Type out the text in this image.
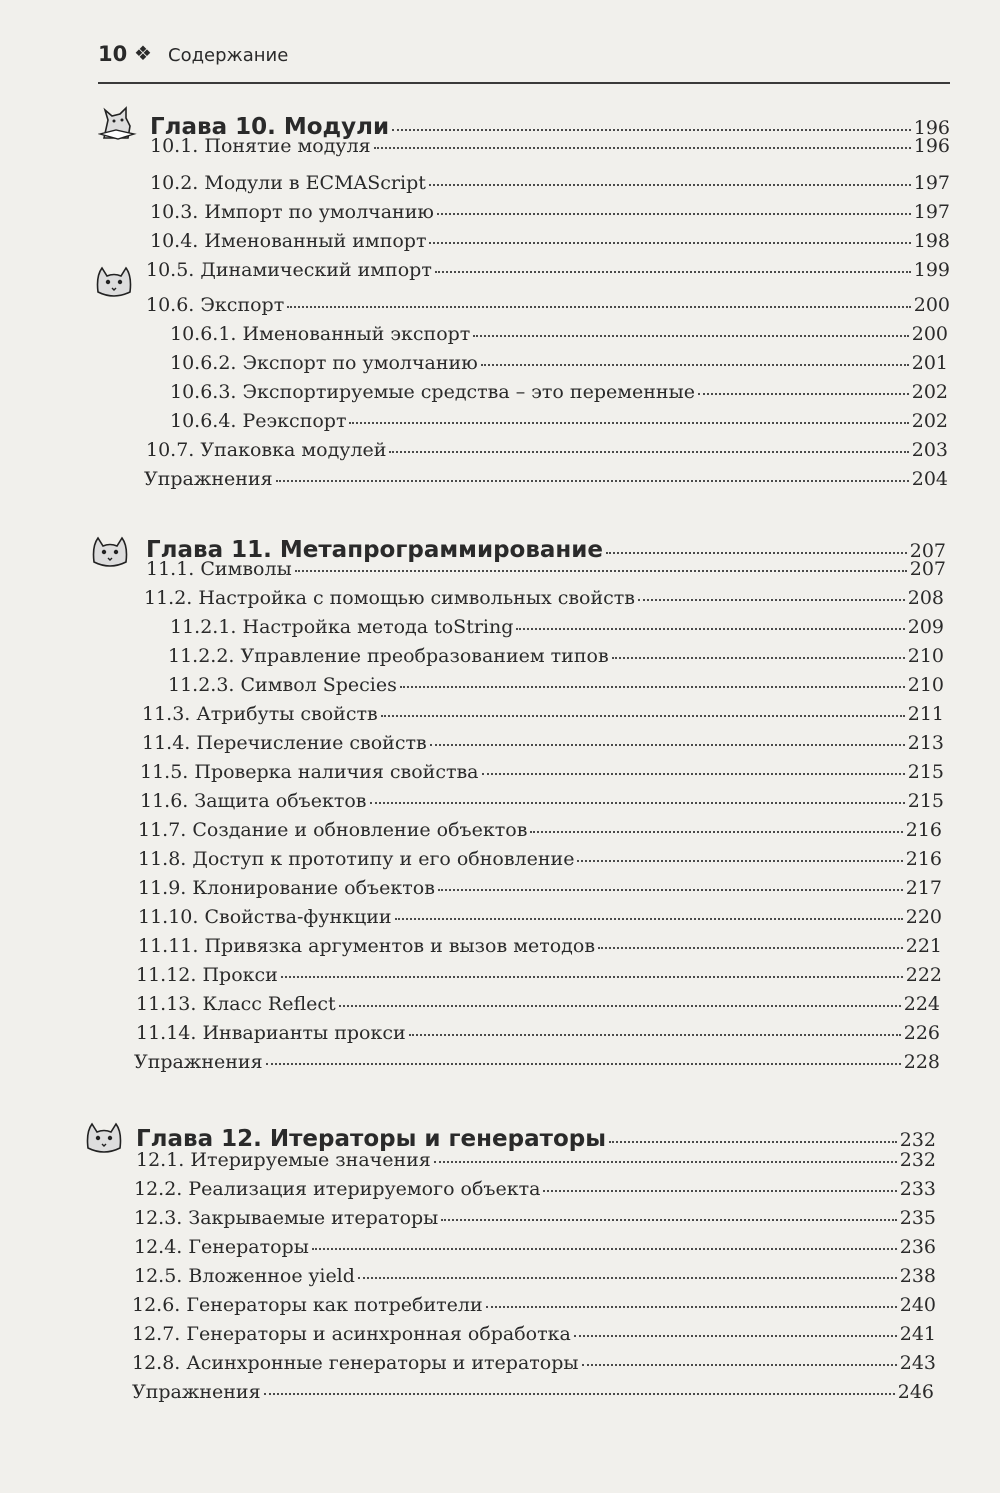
10 ❖ Содержание
Глава 10. Модули	196
10.1. Понятие модуля	196
10.2. Модули в ECMAScript	197
10.3. Импорт по умолчанию	197
10.4. Именованный импорт	198
10.5. Динамический импорт	199
10.6. Экспорт	200
10.6.1. Именованный экспорт	200
10.6.2. Экспорт по умолчанию	201
10.6.3. Экспортируемые средства – это переменные	202
10.6.4. Реэкспорт	202
10.7. Упаковка модулей	203
Упражнения	204
Глава 11. Метапрограммирование	207
11.1. Символы	207
11.2. Настройка с помощью символьных свойств	208
11.2.1. Настройка метода toString	209
11.2.2. Управление преобразованием типов	210
11.2.3. Символ Species	210
11.3. Атрибуты свойств	211
11.4. Перечисление свойств	213
11.5. Проверка наличия свойства	215
11.6. Защита объектов	215
11.7. Создание и обновление объектов	216
11.8. Доступ к прототипу и его обновление	216
11.9. Клонирование объектов	217
11.10. Свойства-функции	220
11.11. Привязка аргументов и вызов методов	221
11.12. Прокси	222
11.13. Класс Reflect	224
11.14. Инварианты прокси	226
Упражнения	228
Глава 12. Итераторы и генераторы	232
12.1. Итерируемые значения	232
12.2. Реализация итерируемого объекта	233
12.3. Закрываемые итераторы	235
12.4. Генераторы	236
12.5. Вложенное yield	238
12.6. Генераторы как потребители	240
12.7. Генераторы и асинхронная обработка	241
12.8. Асинхронные генераторы и итераторы	243
Упражнения	246
